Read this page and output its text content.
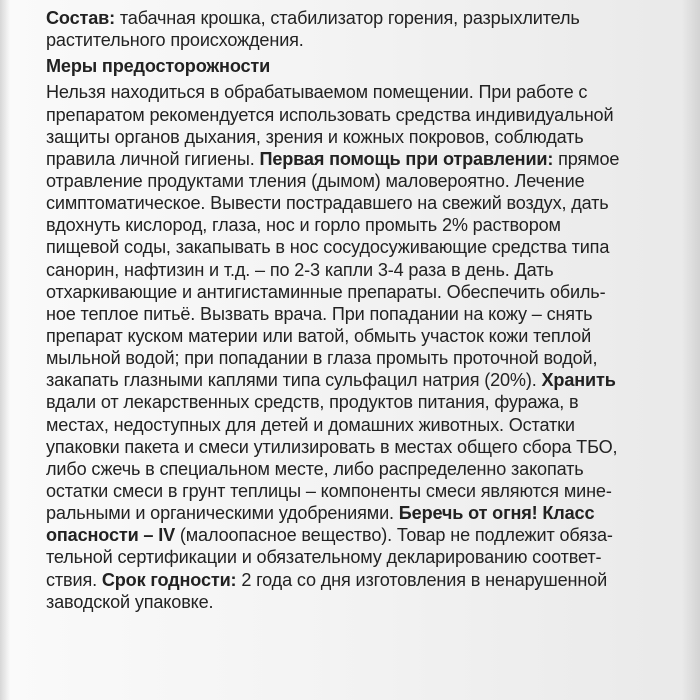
Состав: табачная крошка, стабилизатор горения, разрыхлитель
растительного происхождения.
Меры предосторожности
Нельзя находиться в обрабатываемом помещении. При работе с
препаратом рекомендуется использовать средства индивидуальной
защиты органов дыхания, зрения и кожных покровов, соблюдать
правила личной гигиены. Первая помощь при отравлении: прямое
отравление продуктами тления (дымом) маловероятно. Лечение
симптоматическое. Вывести пострадавшего на свежий воздух, дать
вдохнуть кислород, глаза, нос и горло промыть 2% раствором
пищевой соды, закапывать в нос сосудосуживающие средства типа
санорин, нафтизин и т.д. – по 2-3 капли 3-4 раза в день. Дать
отхаркивающие и антигистаминные препараты. Обеспечить обиль-
ное теплое питьё. Вызвать врача. При попадании на кожу – снять
препарат куском материи или ватой, обмыть участок кожи теплой
мыльной водой; при попадании в глаза промыть проточной водой,
закапать глазными каплями типа сульфацил натрия (20%). Хранить
вдали от лекарственных средств, продуктов питания, фуража, в
местах, недоступных для детей и домашних животных. Остатки
упаковки пакета и смеси утилизировать в местах общего сбора ТБО,
либо сжечь в специальном месте, либо распределенно закопать
остатки смеси в грунт теплицы – компоненты смеси являются мине-
ральными и органическими удобрениями. Беречь от огня! Класс
опасности – IV (малоопасное вещество). Товар не подлежит обяза-
тельной сертификации и обязательному декларированию соответ-
ствия. Срок годности: 2 года со дня изготовления в ненарушенной
заводской упаковке.
